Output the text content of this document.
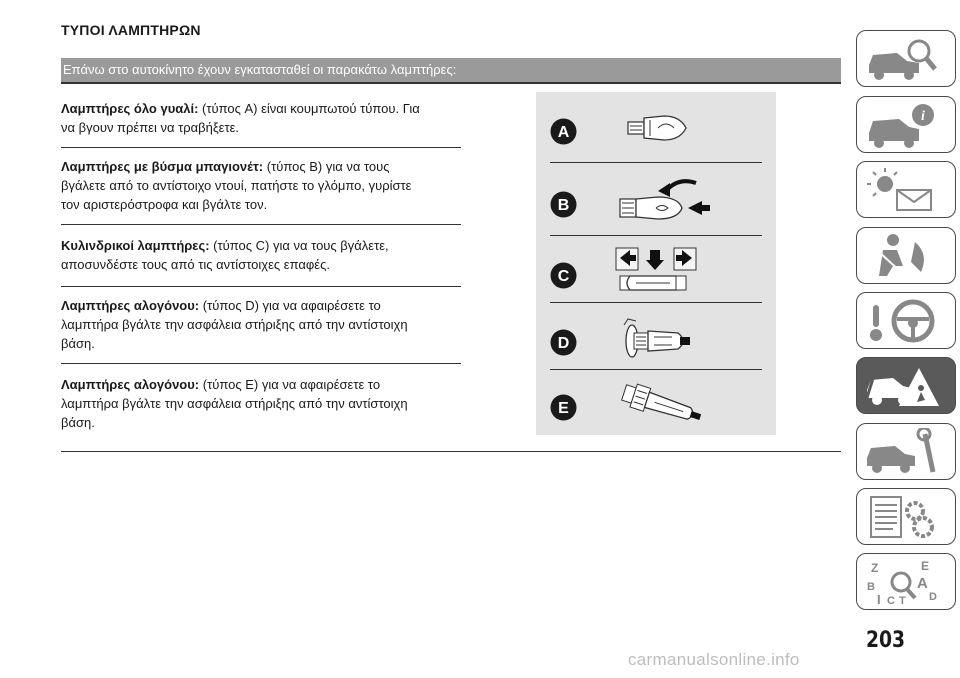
ΤΥΠΟΙ ΛΑΜΠΤΗΡΩΝ
Επάνω στο αυτοκίνητο έχουν εγκατασταθεί οι παρακάτω λαμπτήρες:
Λαμπτήρες όλο γυαλί: (τύπος A) είναι κουμπωτού τύπου. Για
να βγουν πρέπει να τραβήξετε.
Λαμπτήρες με βύσμα μπαγιονέτ: (τύπος B) για να τους
βγάλετε από το αντίστοιχο ντουί, πατήστε το γλόμπο, γυρίστε
τον αριστερόστροφα και βγάλτε τον.
Κυλινδρικοί λαμπτήρες: (τύπος C) για να τους βγάλετε,
αποσυνδέστε τους από τις αντίστοιχες επαφές.
Λαμπτήρες αλογόνου: (τύπος D) για να αφαιρέσετε το
λαμπτήρα βγάλτε την ασφάλεια στήριξης από την αντίστοιχη
βάση.
Λαμπτήρες αλογόνου: (τύπος E) για να αφαιρέσετε το
λαμπτήρα βγάλτε την ασφάλεια στήριξης από την αντίστοιχη
βάση.
A
B
C
D
E
i
Z	E
B	A
I C	D
T
203
carmanualsonline.info
